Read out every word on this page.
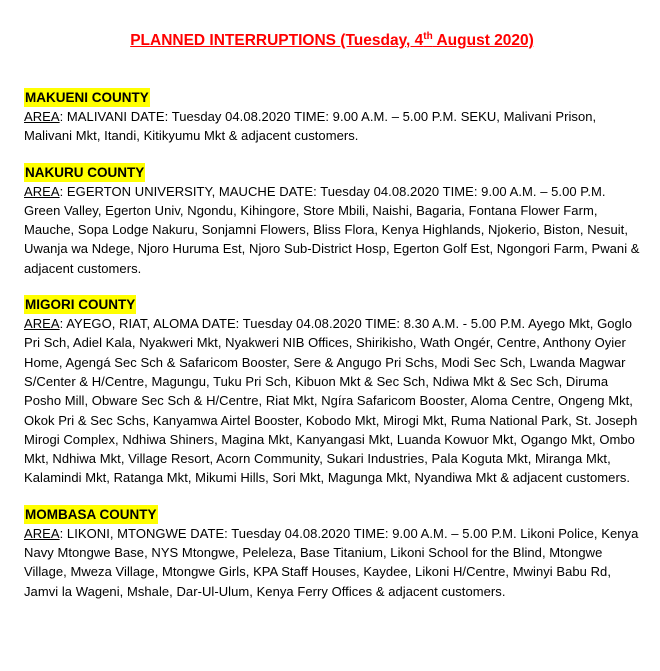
PLANNED INTERRUPTIONS (Tuesday, 4th August 2020)
MAKUENI COUNTY

AREA: MALIVANI DATE: Tuesday 04.08.2020 TIME: 9.00 A.M. – 5.00 P.M. SEKU, Malivani Prison, Malivani Mkt, Itandi, Kitikyumu Mkt & adjacent customers.

NAKURU COUNTY

AREA: EGERTON UNIVERSITY, MAUCHE DATE: Tuesday 04.08.2020 TIME: 9.00 A.M. – 5.00 P.M. Green Valley, Egerton Univ, Ngondu, Kihingore, Store Mbili, Naishi, Bagaria, Fontana Flower Farm, Mauche, Sopa Lodge Nakuru, Sonjamni Flowers, Bliss Flora, Kenya Highlands, Njokerio, Biston, Nesuit, Uwanja wa Ndege, Njoro Huruma Est, Njoro Sub-District Hosp, Egerton Golf Est, Ngongori Farm, Pwani & adjacent customers.

MIGORI COUNTY

AREA: AYEGO, RIAT, ALOMA DATE: Tuesday 04.08.2020 TIME: 8.30 A.M. - 5.00 P.M. Ayego Mkt, Goglo Pri Sch, Adiel Kala, Nyakweri Mkt, Nyakweri NIB Offices, Shirikisho, Wath Ongér, Centre, Anthony Oyier Home, Agengá Sec Sch & Safaricom Booster, Sere & Angugo Pri Schs, Modi Sec Sch, Lwanda Magwar S/Center & H/Centre, Magungu, Tuku Pri Sch, Kibuon Mkt & Sec Sch, Ndiwa Mkt & Sec Sch, Diruma Posho Mill, Obware Sec Sch & H/Centre, Riat Mkt, Ngíra Safaricom Booster, Aloma Centre, Ongeng Mkt, Okok Pri & Sec Schs, Kanyamwa Airtel Booster, Kobodo Mkt, Mirogi Mkt, Ruma National Park, St. Joseph Mirogi Complex, Ndhiwa Shiners, Magina Mkt, Kanyangasi Mkt, Luanda Kowuor Mkt, Ogango Mkt, Ombo Mkt, Ndhiwa Mkt, Village Resort, Acorn Community, Sukari Industries, Pala Koguta Mkt, Miranga Mkt, Kalamindi Mkt, Ratanga Mkt, Mikumi Hills, Sori Mkt, Magunga Mkt, Nyandiwa Mkt & adjacent customers.

MOMBASA COUNTY

AREA: LIKONI, MTONGWE DATE: Tuesday 04.08.2020 TIME: 9.00 A.M. – 5.00 P.M. Likoni Police, Kenya Navy Mtongwe Base, NYS Mtongwe, Peleleza, Base Titanium, Likoni School for the Blind, Mtongwe Village, Mweza Village, Mtongwe Girls, KPA Staff Houses, Kaydee, Likoni H/Centre, Mwinyi Babu Rd, Jamvi la Wageni, Mshale, Dar-Ul-Ulum, Kenya Ferry Offices & adjacent customers.
